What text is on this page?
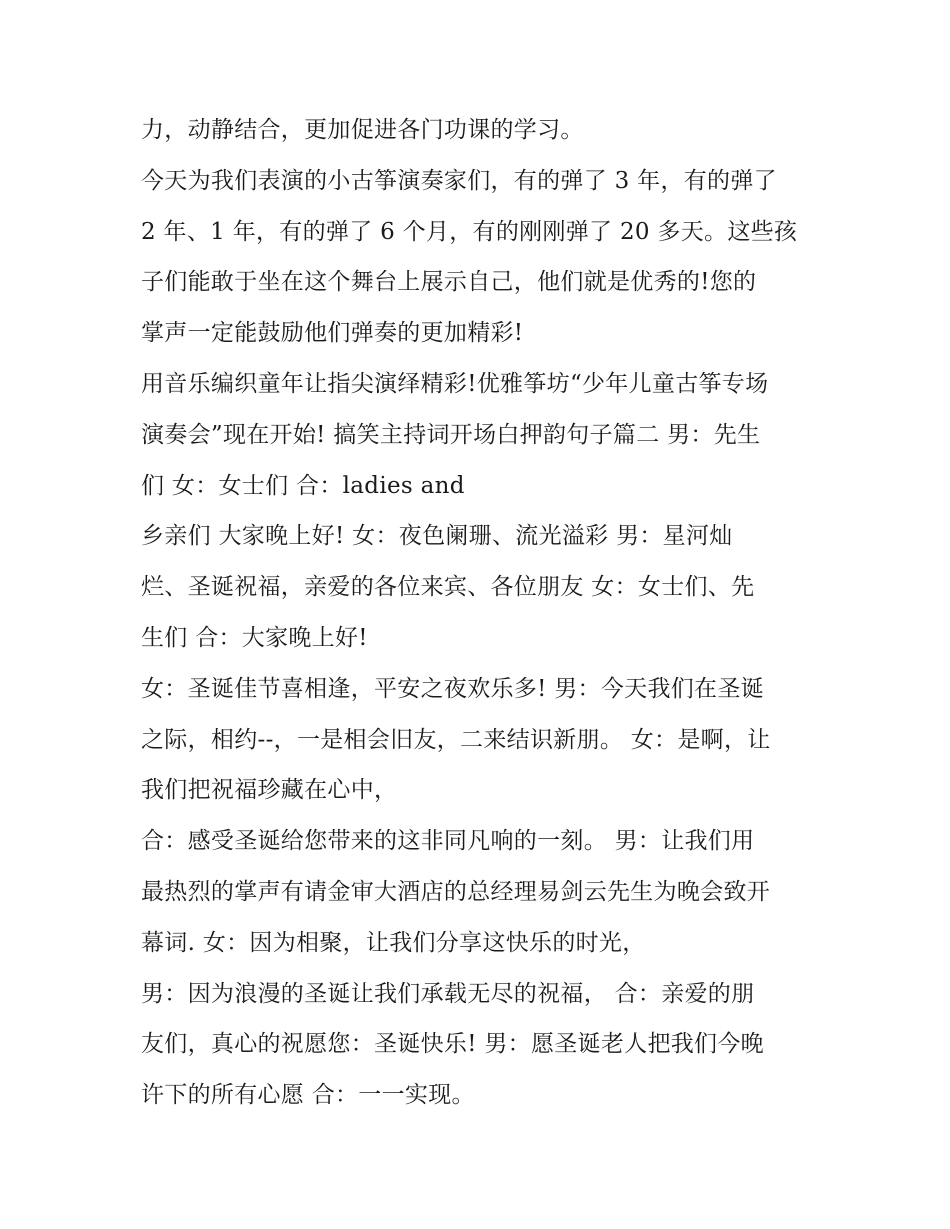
力，动静结合，更加促进各门功课的学习。
今天为我们表演的小古筝演奏家们，有的弹了 3 年，有的弹了
2 年、1 年，有的弹了 6 个月，有的刚刚弹了 20 多天。这些孩
子们能敢于坐在这个舞台上展示自己，他们就是优秀的!您的
掌声一定能鼓励他们弹奏的更加精彩!
用音乐编织童年让指尖演绎精彩!优雅筝坊“少年儿童古筝专场
演奏会”现在开始! 搞笑主持词开场白押韵句子篇二 男：先生
们 女：女士们 合：ladies and
乡亲们 大家晚上好! 女：夜色阑珊、流光溢彩 男：星河灿
烂、圣诞祝福，亲爱的各位来宾、各位朋友 女：女士们、先
生们 合：大家晚上好!
女：圣诞佳节喜相逢，平安之夜欢乐多! 男：今天我们在圣诞
之际，相约--，一是相会旧友，二来结识新朋。 女：是啊，让
我们把祝福珍藏在心中，
合：感受圣诞给您带来的这非同凡响的一刻。 男：让我们用
最热烈的掌声有请金审大酒店的总经理易剑云先生为晚会致开
幕词. 女：因为相聚，让我们分享这快乐的时光，
男：因为浪漫的圣诞让我们承载无尽的祝福， 合：亲爱的朋
友们，真心的祝愿您：圣诞快乐! 男：愿圣诞老人把我们今晚
许下的所有心愿 合：一一实现。
